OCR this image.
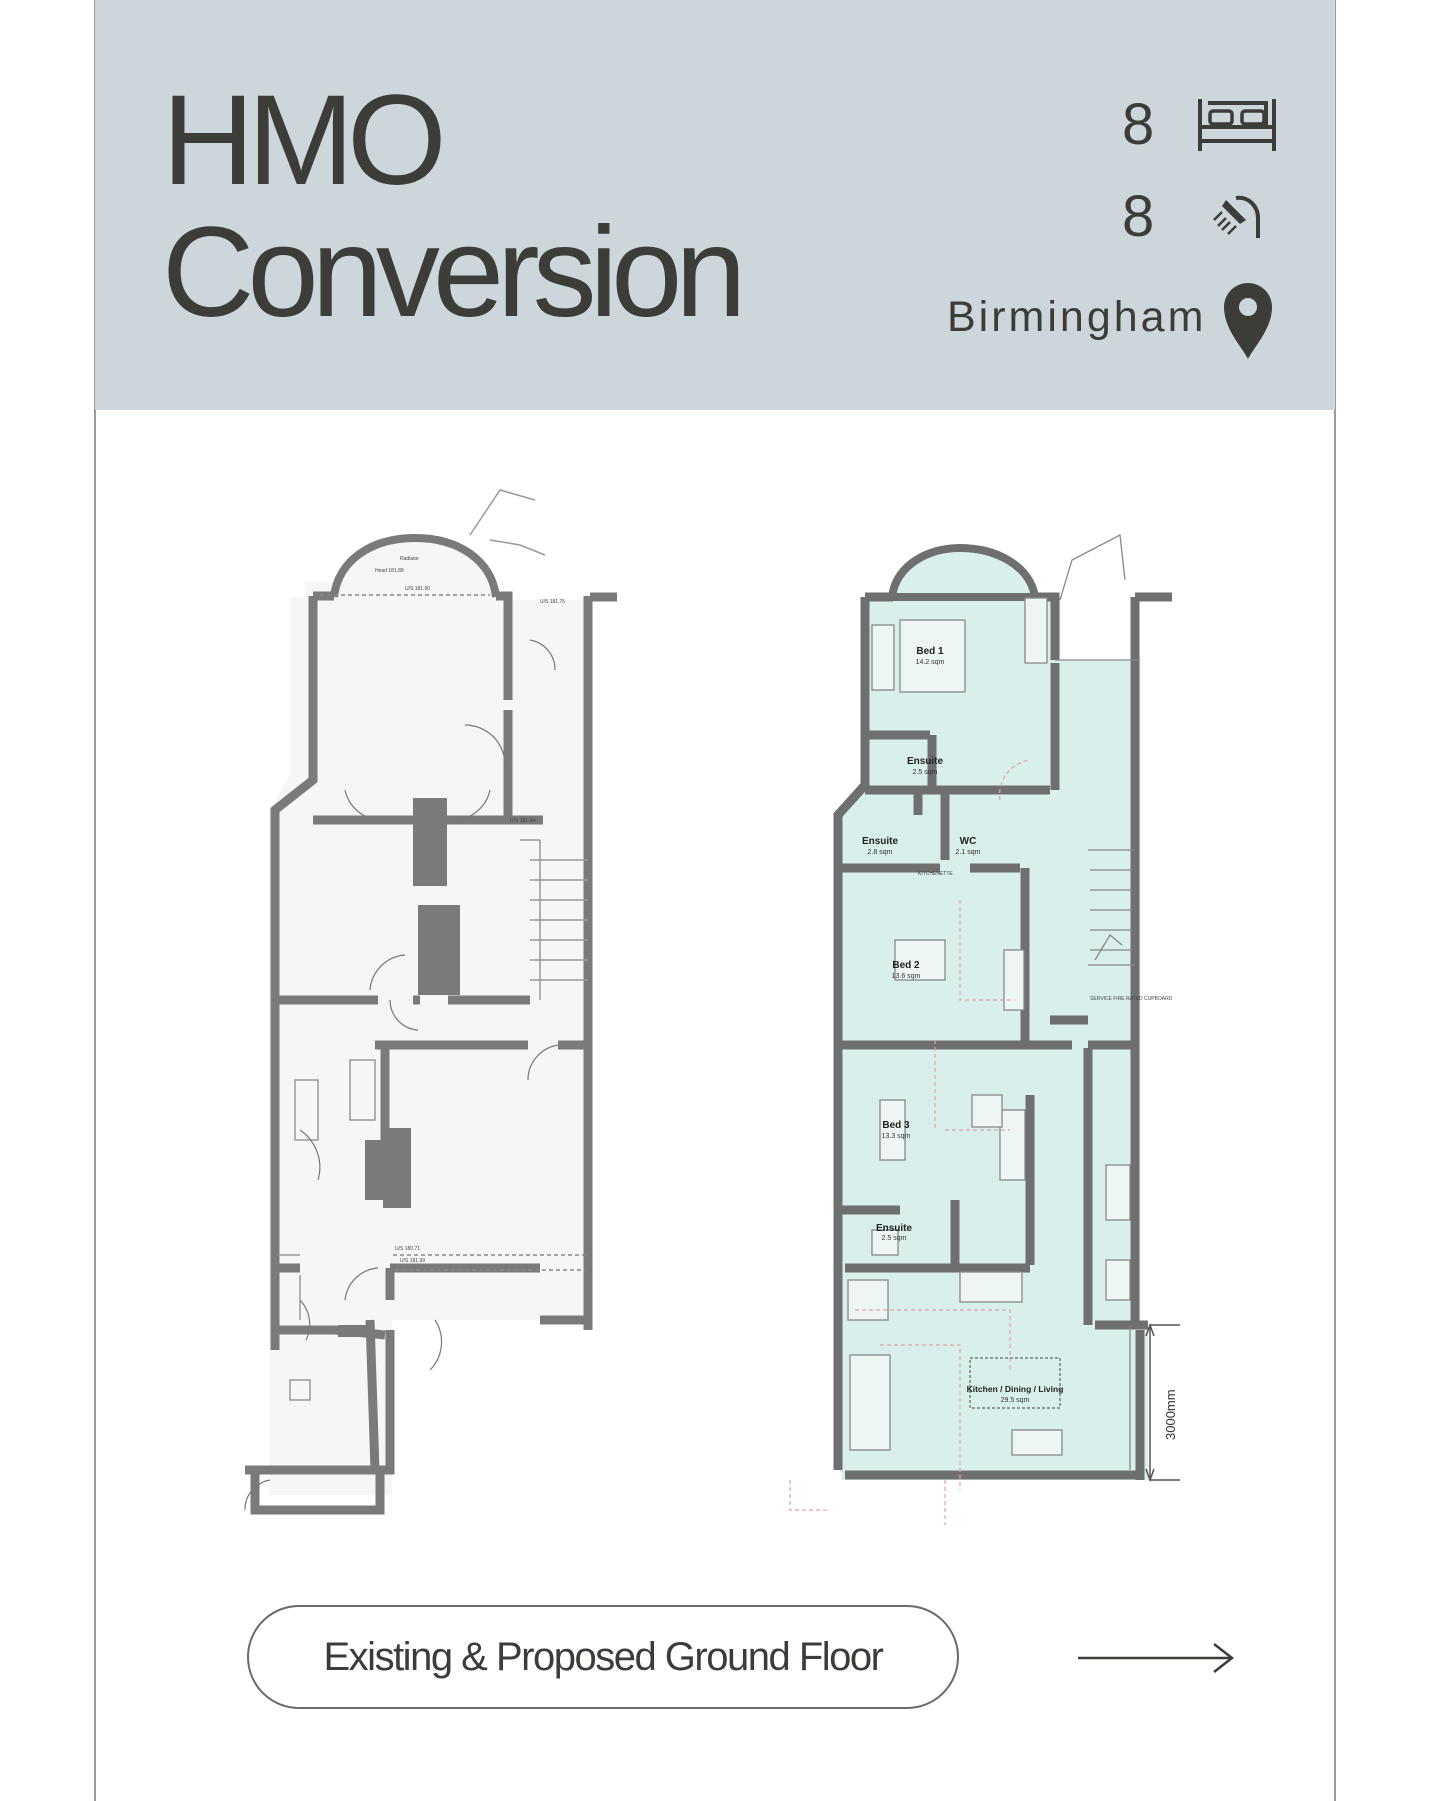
HMO
Conversion
8
8
Birmingham
Radiator
Head 181.89
U/S 181.75
U/S 181.90
U/S 181.94
U/S 181.99
U/S 180.71
Bed 1
14.2 sqm
Ensuite
2.5 sqm
Ensuite
2.8 sqm
WC
2.1 sqm
Bed 2
13.6 sqm
Bed 3
13.3 sqm
Ensuite
2.5 sqm
Kitchen / Dining / Living
29.5 sqm
KITCHENETTE
SERVICE FIRE RATED CUPBOARD
3000mm
Existing & Proposed Ground Floor
